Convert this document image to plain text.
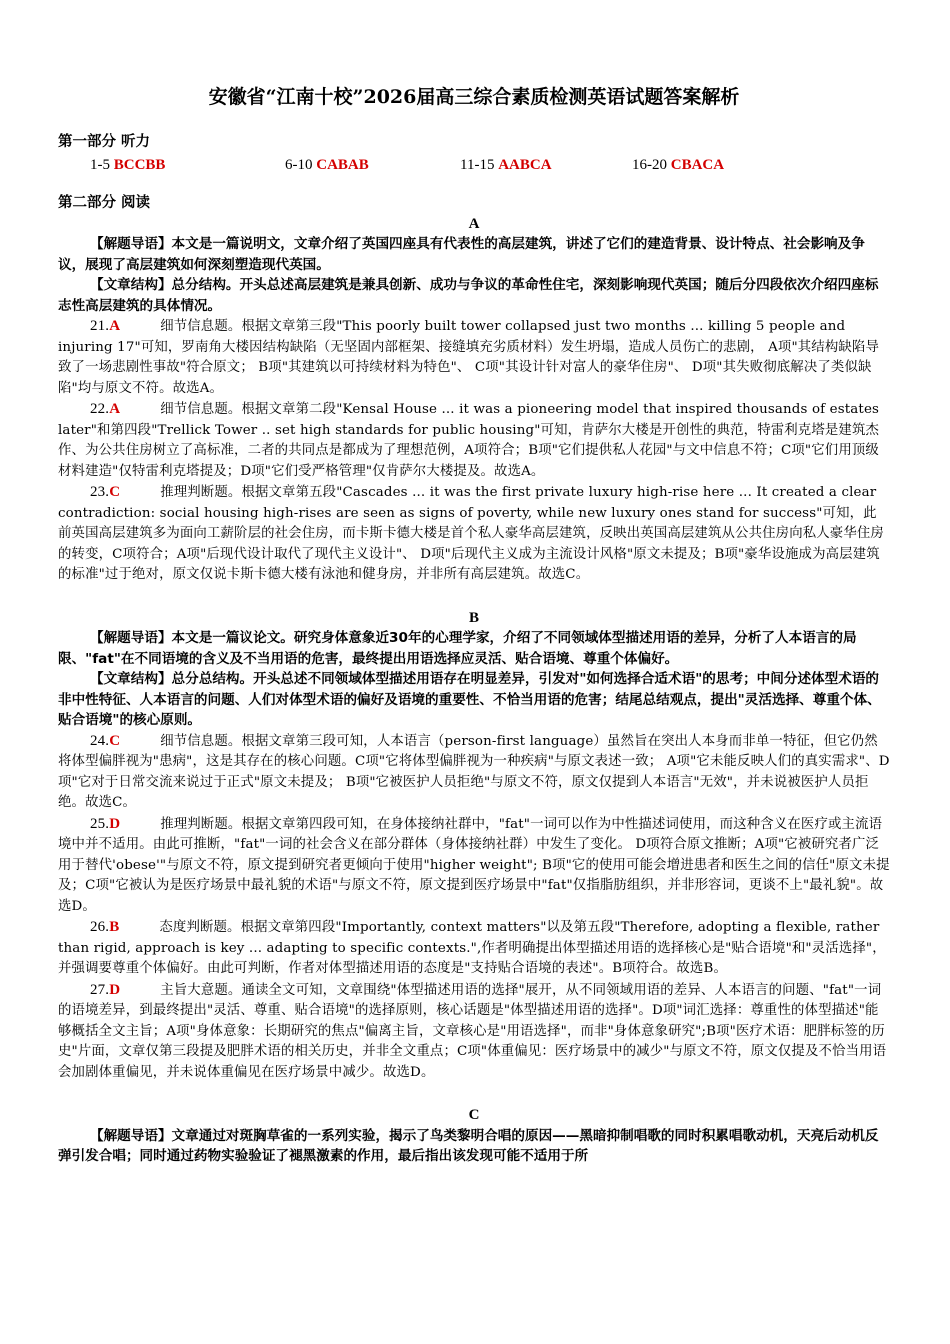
安徽省“江南十校”2026届高三综合素质检测英语试题答案解析
第一部分 听力
1-5 BCCBB	6-10 CABAB	11-15 AABCA	16-20 CBACA
第二部分 阅读
A

【解题导语】本文是一篇说明文，文章介绍了英国四座具有代表性的高层建筑，讲述了它们的建造背景、设计特点、社会影响及争议，展现了高层建筑如何深刻塑造现代英国。

【文章结构】总分结构。开头总述高层建筑是兼具创新、成功与争议的革命性住宅，深刻影响现代英国；随后分四段依次介绍四座标志性高层建筑的具体情况。

21.A	细节信息题。根据文章第三段"This poorly built tower collapsed just two months ... killing 5 people and injuring 17"可知，罗南角大楼因结构缺陷（无坚固内部框架、接缝填充劣质材料）发生坍塌，造成人员伤亡的悲剧， A项"其结构缺陷导致了一场悲剧性事故"符合原文； B项"其建筑以可持续材料为特色"、 C项"其设计针对富人的豪华住房"、 D项"其失败彻底解决了类似缺陷"均与原文不符。故选A。

22.A	细节信息题。根据文章第二段"Kensal House ... it was a pioneering model that inspired thousands of estates later"和第四段"Trellick Tower .. set high standards for public housing"可知，肯萨尔大楼是开创性的典范，特雷利克塔是建筑杰作、为公共住房树立了高标准，二者的共同点是都成为了理想范例，A项符合；B项"它们提供私人花园"与文中信息不符；C项"它们用顶级材料建造"仅特雷利克塔提及；D项"它们受严格管理"仅肯萨尔大楼提及。故选A。

23.C	推理判断题。根据文章第五段"Cascades ... it was the first private luxury high-rise here ... It created a clear contradiction: social housing high-rises are seen as signs of poverty, while new luxury ones stand for success"可知，此前英国高层建筑多为面向工薪阶层的社会住房，而卡斯卡德大楼是首个私人豪华高层建筑，反映出英国高层建筑从公共住房向私人豪华住房的转变，C项符合；A项"后现代设计取代了现代主义设计"、 D项"后现代主义成为主流设计风格"原文未提及；B项"豪华设施成为高层建筑的标准"过于绝对，原文仅说卡斯卡德大楼有泳池和健身房，并非所有高层建筑。故选C。

B

【解题导语】本文是一篇议论文。研究身体意象近30年的心理学家，介绍了不同领域体型描述用语的差异，分析了人本语言的局限、"fat"在不同语境的含义及不当用语的危害，最终提出用语选择应灵活、贴合语境、尊重个体偏好。

【文章结构】总分总结构。开头总述不同领域体型描述用语存在明显差异，引发对"如何选择合适术语"的思考；中间分述体型术语的非中性特征、人本语言的问题、人们对体型术语的偏好及语境的重要性、不恰当用语的危害；结尾总结观点，提出"灵活选择、尊重个体、贴合语境"的核心原则。

24.C	细节信息题。根据文章第三段可知，人本语言（person-first language）虽然旨在突出人本身而非单一特征，但它仍然将体型偏胖视为"患病"，这是其存在的核心问题。C项"它将体型偏胖视为一种疾病"与原文表述一致； A项"它未能反映人们的真实需求"、D项"它对于日常交流来说过于正式"原文未提及； B项"它被医护人员拒绝"与原文不符，原文仅提到人本语言"无效"，并未说被医护人员拒绝。故选C。

25.D	推理判断题。根据文章第四段可知，在身体接纳社群中，"fat"一词可以作为中性描述词使用，而这种含义在医疗或主流语境中并不适用。由此可推断，"fat"一词的社会含义在部分群体（身体接纳社群）中发生了变化。 D项符合原文推断；A项"它被研究者广泛用于替代'obese'"与原文不符，原文提到研究者更倾向于使用"higher weight"; B项"它的使用可能会增进患者和医生之间的信任"原文未提及；C项"它被认为是医疗场景中最礼貌的术语"与原文不符，原文提到医疗场景中"fat"仅指脂肪组织，并非形容词，更谈不上"最礼貌"。故选D。

26.B	态度判断题。根据文章第四段"Importantly, context matters"以及第五段"Therefore, adopting a flexible, rather than rigid, approach is key ... adapting to specific contexts.",作者明确提出体型描述用语的选择核心是"贴合语境"和"灵活选择"，并强调要尊重个体偏好。由此可判断，作者对体型描述用语的态度是"支持贴合语境的表述"。B项符合。故选B。

27.D	主旨大意题。通读全文可知，文章围绕"体型描述用语的选择"展开，从不同领域用语的差异、人本语言的问题、"fat"一词的语境差异，到最终提出"灵活、尊重、贴合语境"的选择原则，核心话题是"体型描述用语的选择"。D项"词汇选择：尊重性的体型描述"能够概括全文主旨；A项"身体意象：长期研究的焦点"偏离主旨，文章核心是"用语选择"，而非"身体意象研究";B项"医疗术语：肥胖标签的历史"片面，文章仅第三段提及肥胖术语的相关历史，并非全文重点；C项"体重偏见：医疗场景中的减少"与原文不符，原文仅提及不恰当用语会加剧体重偏见，并未说体重偏见在医疗场景中减少。故选D。

C

【解题导语】文章通过对斑胸草雀的一系列实验，揭示了鸟类黎明合唱的原因——黑暗抑制唱歌的同时积累唱歌动机，天亮后动机反弹引发合唱；同时通过药物实验验证了褪黑激素的作用，最后指出该发现可能不适用于所
